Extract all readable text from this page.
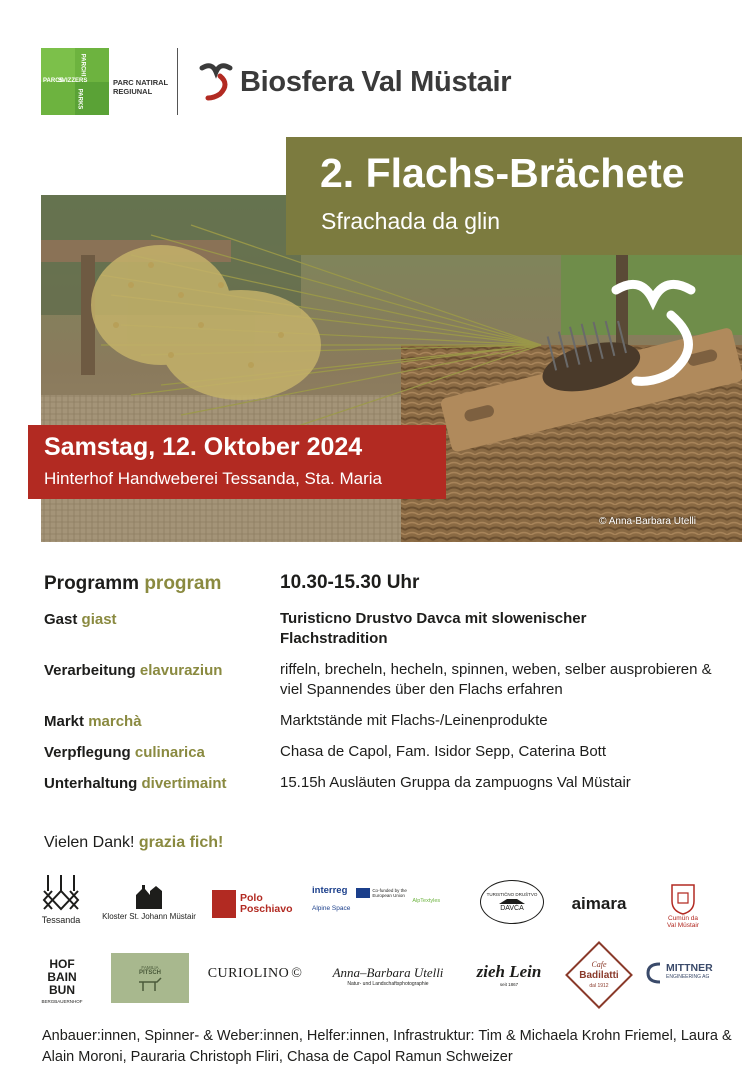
PARCS
SVIZZERS
PARCHI
PARKS
PARC NATIRAL
REGIUNAL	Biosfera Val Müstair
© Anna-Barbara Utelli
2. Flachs-Brächete
Sfrachada da glin
Samstag, 12. Oktober 2024
Hinterhof Handweberei Tessanda, Sta. Maria
Programm program	10.30-15.30 Uhr
Gast giast	Turisticno Drustvo Davca mit slowenischer Flachstradition
Verarbeitung elavuraziun	riffeln, brecheln, hecheln, spinnen, weben, selber ausprobieren & viel Spannendes über den Flachs erfahren
Markt marchà	Marktstände mit Flachs-/Leinenprodukte
Verpflegung culinarica	Chasa de Capol, Fam. Isidor Sepp, Caterina Bott
Unterhaltung divertimaint	15.15h Ausläuten Gruppa da zampuogns Val Müstair
Vielen Dank! grazia fich!
Tessanda	Kloster St. Johann Müstair
Polo
Poschiavo
interreg
Alpine Space
Co-funded by the European Union
AlpTextyles
TURISTIČNO DRUŠTVO
DAVČA	aimara
Cumün da
Val Müstair
HOF
BAIN
BUN
BERGBAUERNHOF
FAMILIA
PITSCH	CURIOLINO © Anna–Barbara Utelli
Natur- und Landschaftsphotographie
zieh Lein
seit 1867
Cafe
Badilatti
dal 1912
MITTNER
ENGINEERING AG
Anbauer:innen, Spinner- & Weber:innen, Helfer:innen, Infrastruktur: Tim & Michaela Krohn Friemel, Laura & Alain Moroni, Pauraria Christoph Fliri, Chasa de Capol Ramun Schweizer
